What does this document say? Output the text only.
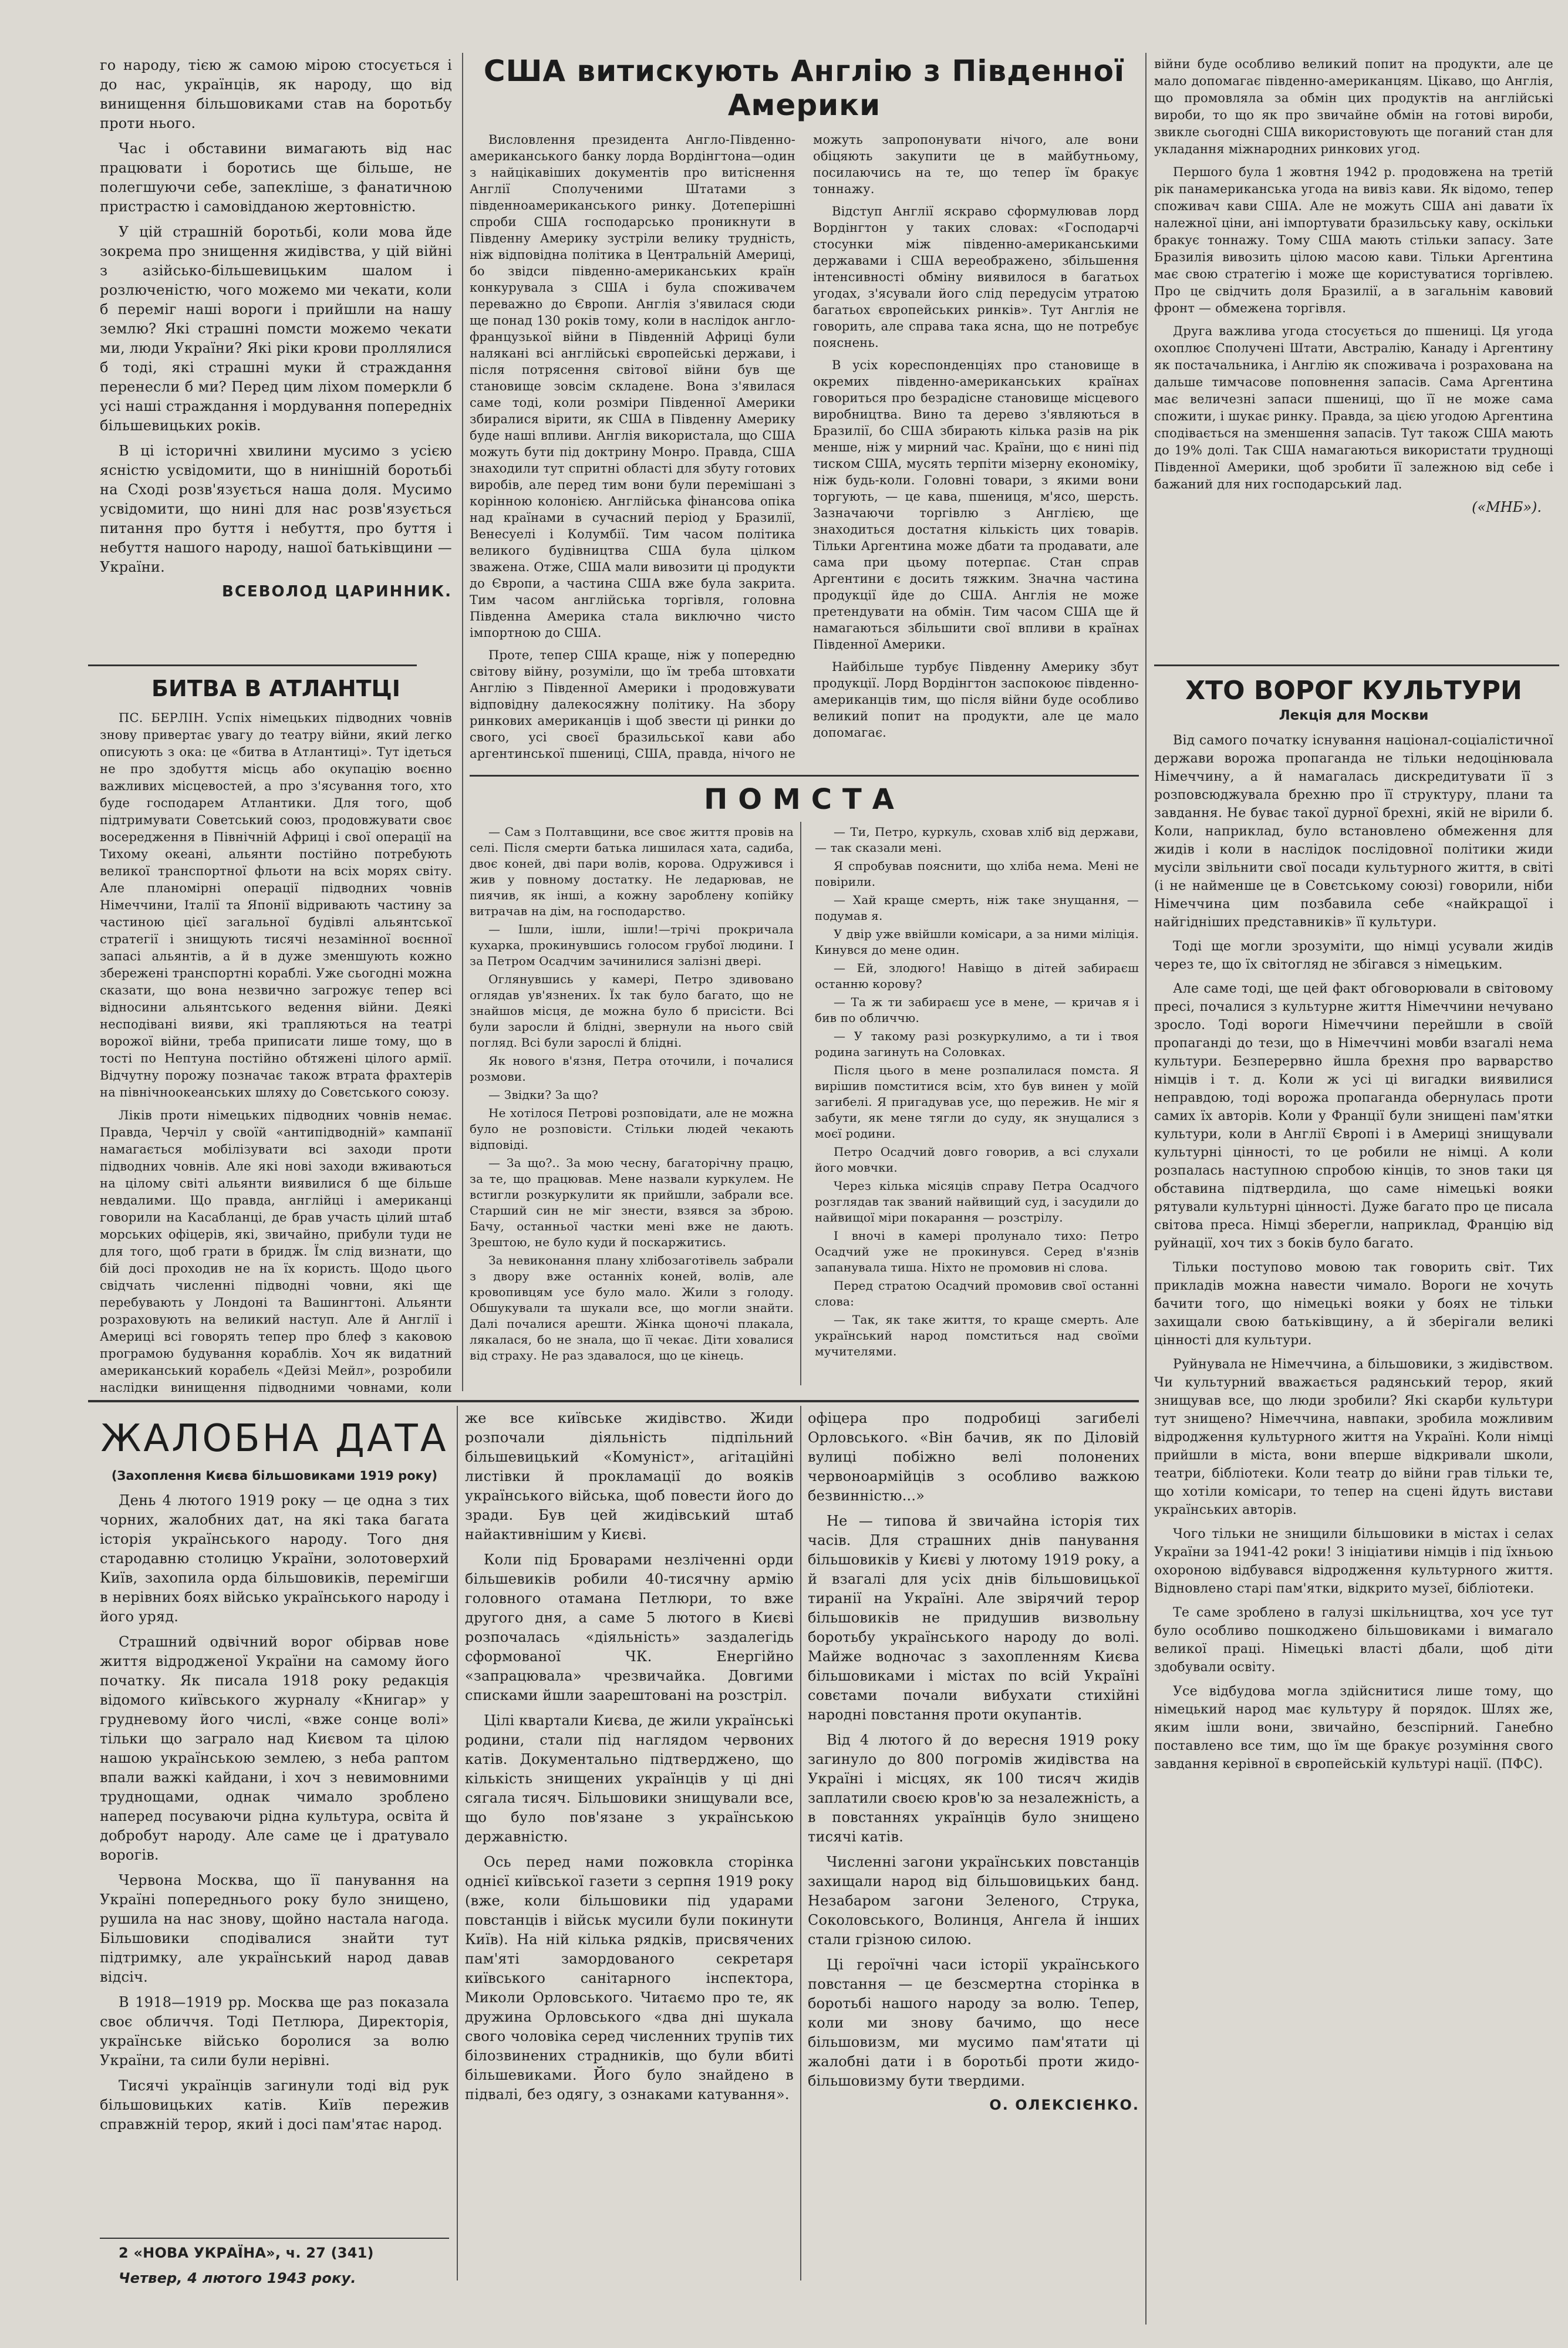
го народу, тією ж самою мірою стосується і до нас, українців, як народу, що від винищення більшовиками став на боротьбу проти нього.

Час і обставини вимагають від нас працювати і боротись ще більше, не полегшуючи себе, запекліше, з фанатичною пристрастю і самовідданою жертовністю.

У цій страшній боротьбі, коли мова йде зокрема про знищення жидівства, у цій війні з азійсько-більшевицьким шалом і розлюченістю, чого можемо ми чекати, коли б переміг наші вороги і прийшли на нашу землю? Які страшні помсти можемо чекати ми, люди України? Які ріки крови проллялися б тоді, які страшні муки й страждання перенесли б ми? Перед цим ліхом померкли б усі наші страждання і мордування попередніх більшевицьких років.

В ці історичні хвилини мусимо з усією ясністю усвідомити, що в нинішній боротьбі на Сході розв'язується наша доля. Мусимо усвідомити, що нині для нас розв'язується питання про буття і небуття, про буття і небуття нашого народу, нашої батьківщини — України.

ВСЕВОЛОД ЦАРИННИК.
БИТВА В АТЛАНТЦІ

ПС. БЕРЛІН. Успіх німецьких підводних човнів знову привертає увагу до театру війни, який легко описують з ока: це «битва в Атлантиці». Тут ідеться не про здобуття місць або окупацію воєнно важливих місцевостей, а про з'ясування того, хто буде господарем Атлантики. Для того, щоб підтримувати Советський союз, продовжувати своє восередження в Північній Африці і свої операції на Тихому океані, альянти постійно потребують великої транспортної фльоти на всіх морях світу. Але планомірні операції підводних човнів Німеччини, Італії та Японії відривають частину за частиною цієї загальної будівлі альянтської стратегії і знищують тисячі незамінної воєнної запасі альянтів, а й в дуже зменшують кожно збережені транспортні кораблі. Уже сьогодні можна сказати, що вона незвично загрожує тепер всі відносини альянтського ведення війни. Деякі несподівані вияви, які трапляються на театрі ворожої війни, треба приписати лише тому, що в тості по Нептуна постійно обтяжені цілого армії. Відчутну порожу позначає також втрата фрахтерів на північноокеанських шляху до Совєтського союзу.

Ліків проти німецьких підводних човнів немає. Правда, Черчіл у своїй «антипідводній» кампанії намагається мобілізувати всі заходи проти підводних човнів. Але які нові заходи вживаються на цілому світі альянти виявилися б ще більше невдалими. Що правда, англійці і американці говорили на Касабланці, де брав участь цілий штаб морських офіцерів, які, звичайно, прибули туди не для того, щоб грати в бридж. Їм слід визнати, що бій досі проходив не на їх користь. Щодо цього свідчать численні підводні човни, які ще перебувають у Лондоні та Вашингтоні. Альянти розраховують на великий наступ. Але й Англії і Америці всі говорять тепер про блеф з каковою програмою будування кораблів. Хоч як видатний американський корабель «Дейзі Мейл», розробили наслідки винищення підводними човнами, коли

США витискують Англію з Південної Америки

Висловлення президента Англо-Південно-американського банку лорда Вордінгтона—один з найцікавіших документів про витіснення Англії Сполученими Штатами з південноамериканського ринку. Дотеперішні спроби США господарсько проникнути в Південну Америку зустріли велику трудність, ніж відповідна політика в Центральній Америці, бо звідси південно-американських країн конкурувала з США і була споживачем переважно до Європи. Англія з'явилася сюди ще понад 130 років тому, коли в наслідок англо-французької війни в Південній Африці були налякані всі англійські європейські держави, і після потрясення світової війни був ще становище зовсім складене. Вона з'явилася саме тоді, коли розміри Південної Америки збиралися вірити, як США в Південну Америку буде наші впливи. Англія використала, що США можуть бути під доктрину Монро. Правда, США знаходили тут спритні області для збуту готових виробів, але перед тим вони були перемішані з корінною колонією. Англійська фінансова опіка над країнами в сучасний період у Бразилії, Венесуелі і Колумбії. Тим часом політика великого будівництва США була цілком зважена. Отже, США мали вивозити ці продукти до Європи, а частина США вже була закрита. Тим часом англійська торгівля, головна Південна Америка стала виключно чисто імпортною до США.

Проте, тепер США краще, ніж у попередню світову війну, розуміли, що їм треба штовхати Англію з Південної Америки і продовжувати відповідну далекосяжну політику. На збору ринкових американців і щоб звести ці ринки до свого, усі своєї бразильської кави або аргентинської пшениці, США, правда, нічого не можуть запропонувати нічого, але вони обіцяють закупити це в майбутньому, посилаючись на те, що тепер їм бракує тоннажу.

Відступ Англії яскраво сформулював лорд Вордінгтон у таких словах: «Господарчі стосунки між південно-американськими державами і США вереображено, збільшення інтенсивності обміну виявилося в багатьох угодах, з'ясували його слід передусім утратою багатьох європейських ринків». Тут Англія не говорить, але справа така ясна, що не потребує пояснень.

В усіх кореспонденціях про становище в окремих південно-американських країнах говориться про безрадісне становище місцевого виробництва. Вино та дерево з'являються в Бразилії, бо США збирають кілька разів на рік менше, ніж у мирний час. Країни, що є нині під тиском США, мусять терпіти мізерну економіку, ніж будь-коли. Головні товари, з якими вони торгують, — це кава, пшениця, м'ясо, шерсть. Зазначаючи торгівлю з Англією, ще знаходиться достатня кількість цих товарів. Тільки Аргентина може дбати та продавати, але сама при цьому потерпає. Стан справ Аргентини є досить тяжким. Значна частина продукції йде до США. Англія не може претендувати на обмін. Тим часом США ще й намагаються збільшити свої впливи в країнах Південної Америки.

Найбільше турбує Південну Америку збут продукції. Лорд Вордінгтон заспокоює південно-американців тим, що після війни буде особливо великий попит на продукти, але це мало допомагає.

війни буде особливо великий попит на продукти, але це мало допомагає південно-американцям. Цікаво, що Англія, що промовляла за обмін цих продуктів на англійські вироби, то що як про звичайне обмін на готові вироби, звикле сьогодні США використовують ще поганий стан для укладання міжнародних ринкових угод.

Першого була 1 жовтня 1942 р. продовжена на третій рік панамериканська угода на вивіз кави. Як відомо, тепер споживач кави США. Але не можуть США ані давати їх належної ціни, ані імпортувати бразильську каву, оскільки бракує тоннажу. Тому США мають стільки запасу. Зате Бразилія вивозить цілою масою кави. Тільки Аргентина має свою стратегію і може ще користуватися торгівлею. Про це свідчить доля Бразилії, а в загальнім кавовий фронт — обмежена торгівля.

Друга важлива угода стосується до пшениці. Ця угода охоплює Сполучені Штати, Австралію, Канаду і Аргентину як постачальника, і Англію як споживача і розрахована на дальше тимчасове поповнення запасів. Сама Аргентина має величезні запаси пшениці, що її не може сама спожити, і шукає ринку. Правда, за цією угодою Аргентина сподівається на зменшення запасів. Тут також США мають до 19% долі. Так США намагаються використати труднощі Південної Америки, щоб зробити її залежною від себе і бажаний для них господарський лад.

(«МНБ»).
ХТО ВОРОГ КУЛЬТУРИ
Лекція для Москви

Від самого початку існування націонал-соціалістичної держави ворожа пропаганда не тільки недоцінювала Німеччину, а й намагалась дискредитувати її з розповсюджувала брехню про її структуру, плани та завдання. Не буває такої дурної брехні, якій не вірили б. Коли, наприклад, було встановлено обмеження для жидів і коли в наслідок послідовної політики жиди мусіли звільнити свої посади культурного життя, в світі (і не найменше це в Совєтському союзі) говорили, ніби Німеччина цим позбавила себе «найкращої і найгідніших представників» її культури.

Тоді ще могли зрозуміти, що німці усували жидів через те, що їх світогляд не збігався з німецьким.

Але саме тоді, ще цей факт обговорювали в світовому пресі, почалися з культурне життя Німеччини нечувано зросло. Тоді вороги Німеччини перейшли в своїй пропаганді до тези, що в Німеччині мовби взагалі нема культури. Безперервно йшла брехня про варварство німців і т. д. Коли ж усі ці вигадки виявилися неправдою, тоді ворожа пропаганда обернулась проти самих їх авторів. Коли у Франції були знищені пам'ятки культури, коли в Англії Європі і в Америці знищували культурні цінності, то це робили не німці. А коли розпалась наступною спробою кінців, то знов таки ця обставина підтвердила, що саме німецькі вояки рятували культурні цінності. Дуже багато про це писала світова преса. Німці зберегли, наприклад, Францію від руйнації, хоч тих з боків було багато.

Тільки поступово мовою так говорить світ. Тих прикладів можна навести чимало. Вороги не хочуть бачити того, що німецькі вояки у боях не тільки захищали свою батьківщину, а й зберігали великі цінності для культури.

Руйнувала не Німеччина, а більшовики, з жидівством. Чи культурний вважається радянський терор, який знищував все, що люди зробили? Які скарби культури тут знищено? Німеччина, навпаки, зробила можливим відродження культурного життя на Україні. Коли німці прийшли в міста, вони вперше відкривали школи, театри, бібліотеки. Коли театр до війни грав тільки те, що хотіли комісари, то тепер на сцені йдуть вистави українських авторів.

Чого тільки не знищили більшовики в містах і селах України за 1941-42 роки! З ініціативи німців і під їхньою охороною відбувався відродження культурного життя. Відновлено старі пам'ятки, відкрито музеї, бібліотеки.

Те саме зроблено в галузі шкільництва, хоч усе тут було особливо пошкоджено більшовиками і вимагало великої праці. Німецькі власті дбали, щоб діти здобували освіту.

Усе відбудова могла здійснитися лише тому, що німецький народ має культуру й порядок. Шлях же, яким ішли вони, звичайно, безспірний. Ганебно поставлено все тим, що їм ще бракує розуміння свого завдання керівної в європейській культурі нації. (ПФС).

ПОМСТА

— Сам з Полтавщини, все своє життя провів на селі. Після смерти батька лишилася хата, садиба, двоє коней, дві пари волів, корова. Одружився і жив у повному достатку. Не ледарював, не пиячив, як інші, а кожну зароблену копійку витрачав на дім, на господарство.

— Ішли, ішли, ішли!—трічі прокричала кухарка, прокинувшись голосом грубої людини. І за Петром Осадчим зачинилися залізні двері.

Оглянувшись у камері, Петро здивовано оглядав ув'язнених. Їх так було багато, що не знайшов місця, де можна було б присісти. Всі були заросли й блідні, звернули на нього свій погляд. Всі були зарослі й блідні.

Як нового в'язня, Петра оточили, і почалися розмови.

— Звідки? За що?

Не хотілося Петрові розповідати, але не можна було не розповісти. Стільки людей чекають відповіді.

— За що?.. За мою чесну, багаторічну працю, за те, що працював. Мене назвали куркулем. Не встигли розкуркулити як прийшли, забрали все. Старший син не міг знести, взявся за зброю. Бачу, останньої частки мені вже не дають. Зрештою, не було куди й поскаржитись.

За невиконання плану хлібозаготівель забрали з двору вже останніх коней, волів, але кровопивцям усе було мало. Жили з голоду. Обшукували та шукали все, що могли знайти. Далі почалися арешти. Жінка щоночі плакала, лякалася, бо не знала, що її чекає. Діти ховалися від страху. Не раз здавалося, що це кінець.

— Ти, Петро, куркуль, сховав хліб від держави, — так сказали мені.

Я спробував пояснити, що хліба нема. Мені не повірили.

— Хай краще смерть, ніж таке знущання, — подумав я.

У двір уже ввійшли комісари, а за ними міліція. Кинувся до мене один.

— Ей, злодюго! Навіщо в дітей забираєш останню корову?

— Та ж ти забираєш усе в мене, — кричав я і бив по обличчю.

— У такому разі розкуркулимо, а ти і твоя родина загинуть на Соловках.

Після цього в мене розпалилася помста. Я вирішив помститися всім, хто був винен у моїй загибелі. Я пригадував усе, що пережив. Не міг я забути, як мене тягли до суду, як знущалися з моєї родини.

Петро Осадчий довго говорив, а всі слухали його мовчки.

Через кілька місяців справу Петра Осадчого розглядав так званий найвищий суд, і засудили до найвищої міри покарання — розстрілу.

І вночі в камері пролунало тихо: Петро Осадчий уже не прокинувся. Серед в'язнів запанувала тиша. Ніхто не промовив ні слова.

Перед стратою Осадчий промовив свої останні слова:

— Так, як таке життя, то краще смерть. Але український народ помститься над своїми мучителями.

ЖАЛОБНА ДАТА
(Захоплення Києва більшовиками 1919 року)

День 4 лютого 1919 року — це одна з тих чорних, жалобних дат, на які така багата історія українського народу. Того дня стародавню столицю України, золотоверхий Київ, захопила орда більшовиків, перемігши в нерівних боях військо українського народу і його уряд.

Страшний одвічний ворог обірвав нове життя відродженої України на самому його початку. Як писала 1918 року редакція відомого київського журналу «Книгар» у грудневому його числі, «вже сонце волі» тільки що заграло над Києвом та цілою нашою українською землею, з неба раптом впали важкі кайдани, і хоч з невимовними труднощами, однак чимало зроблено наперед посуваючи рідна культура, освіта й добробут народу. Але саме це і дратувало ворогів.

Червона Москва, що її панування на Україні попереднього року було знищено, рушила на нас знову, щойно настала нагода. Більшовики сподівалися знайти тут підтримку, але український народ давав відсіч.

В 1918—1919 рр. Москва ще раз показала своє обличчя. Тоді Петлюра, Директорія, українське військо боролися за волю України, та сили були нерівні.

Тисячі українців загинули тоді від рук більшовицьких катів. Київ пережив справжній терор, який і досі пам'ятає народ.

же все київське жидівство. Жиди розпочали діяльність підпільний більшевицький «Комуніст», агітаційні листівки й прокламації до вояків українського війська, щоб повести його до зради. Був цей жидівський штаб найактивнішим у Києві.

Коли під Броварами незліченні орди більшевиків робили 40-тисячну армію головного отамана Петлюри, то вже другого дня, а саме 5 лютого в Києві розпочалась «діяльність» заздалегідь сформованої ЧК. Енергійно «запрацювала» чрезвичайка. Довгими списками йшли заарештовані на розстріл.

Цілі квартали Києва, де жили українські родини, стали під наглядом червоних катів. Документально підтверджено, що кількість знищених українців у ці дні сягала тисяч. Більшовики знищували все, що було пов'язане з українською державністю.

Ось перед нами пожовкла сторінка однієї київської газети з серпня 1919 року (вже, коли більшовики під ударами повстанців і військ мусили були покинути Київ). На ній кілька рядків, присвячених пам'яті замордованого секретаря київського санітарного інспектора, Миколи Орловського. Читаємо про те, як дружина Орловського «два дні шукала свого чоловіка серед численних трупів тих білозвинених страдників, що були вбиті більшевиками. Його було знайдено в підвалі, без одягу, з ознаками катування».

офіцера про подробиці загибелі Орловського. «Він бачив, як по Діловій вулиці побіжно велі полонених червоноармійців з особливо важкою безвинністю...»

Не — типова й звичайна історія тих часів. Для страшних днів панування більшовиків у Києві у лютому 1919 року, а й взагалі для усіх днів більшовицької тиранії на Україні. Але звірячий терор більшовиків не придушив визвольну боротьбу українського народу до волі. Майже водночас з захопленням Києва більшовиками і містах по всій Україні совєтами почали вибухати стихійні народні повстання проти окупантів.

Від 4 лютого й до вересня 1919 року загинуло до 800 погромів жидівства на Україні і місцях, як 100 тисяч жидів заплатили своєю кров'ю за незалежність, а в повстаннях українців було знищено тисячі катів.

Численні загони українських повстанців захищали народ від більшовицьких банд. Незабаром загони Зеленого, Струка, Соколовського, Волинця, Ангела й інших стали грізною силою.

Ці героїчні часи історії українського повстання — це безсмертна сторінка в боротьбі нашого народу за волю. Тепер, коли ми знову бачимо, що несе більшовизм, ми мусимо пам'ятати ці жалобні дати і в боротьбі проти жидо-більшовизму бути твердими.

О. ОЛЕКСІЄНКО.

2 «НОВА УКРАЇНА», ч. 27 (341)

Четвер, 4 лютого 1943 року.
